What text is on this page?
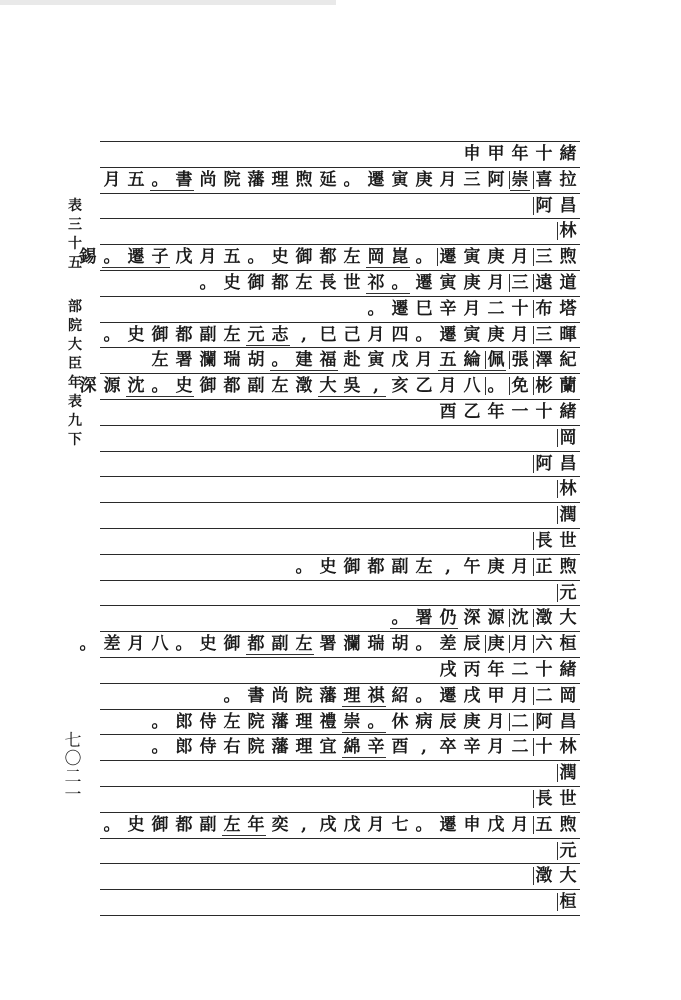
表三十五
部院大臣年表九下
七〇二一
緒
十
年
甲
申
拉
喜
崇
阿
三
月
庚
寅
遷
。
延
煦
理
藩
院
尚
書
。
五
月
昌
阿
林
煦
三
月
庚
寅
遷
。
崑
岡
左
都
御
史
。
五
月
戊
子
遷
。
錫
道
遠
三
月
庚
寅
遷
。
祁
世
長
左
都
御
史
。
塔
布
十
二
月
辛
巳
遷
。
暉
三
月
庚
寅
遷
。
四
月
己
巳
,
志
元
左
副
都
御
史
。
紀
澤
張
佩
綸
五
月
戊
寅
赴
福
建
。
胡
瑞
瀾
署
左
蘭
彬
免
。
八
月
乙
亥
,
吳
大
澂
左
副
都
御
史
。
沈
源
深
緒
十
一
年
乙
酉
岡
昌
阿
林
潤
世
長
煦
正
月
庚
午
,
左
副
都
御
史
。
元
大
澂
沈
源
深
仍
署
。
桓
六
月
庚
辰
差
。
胡
瑞
瀾
署
左
副
都
御
史
。
八
月
差
。
緒
十
二
年
丙
戌
岡
二
月
甲
戌
遷
。
紹
祺
理
藩
院
尚
書
。
昌
阿
二
月
庚
辰
病
休
。
崇
禮
理
藩
院
左
侍
郎
。
林
十
二
月
辛
卒
,
酉
辛
綿
宜
理
藩
院
右
侍
郎
。
潤
世
長
煦
五
月
戊
申
遷
。
七
月
戊
戌
,
奕
年
左
副
都
御
史
。
元
大
澂
桓
